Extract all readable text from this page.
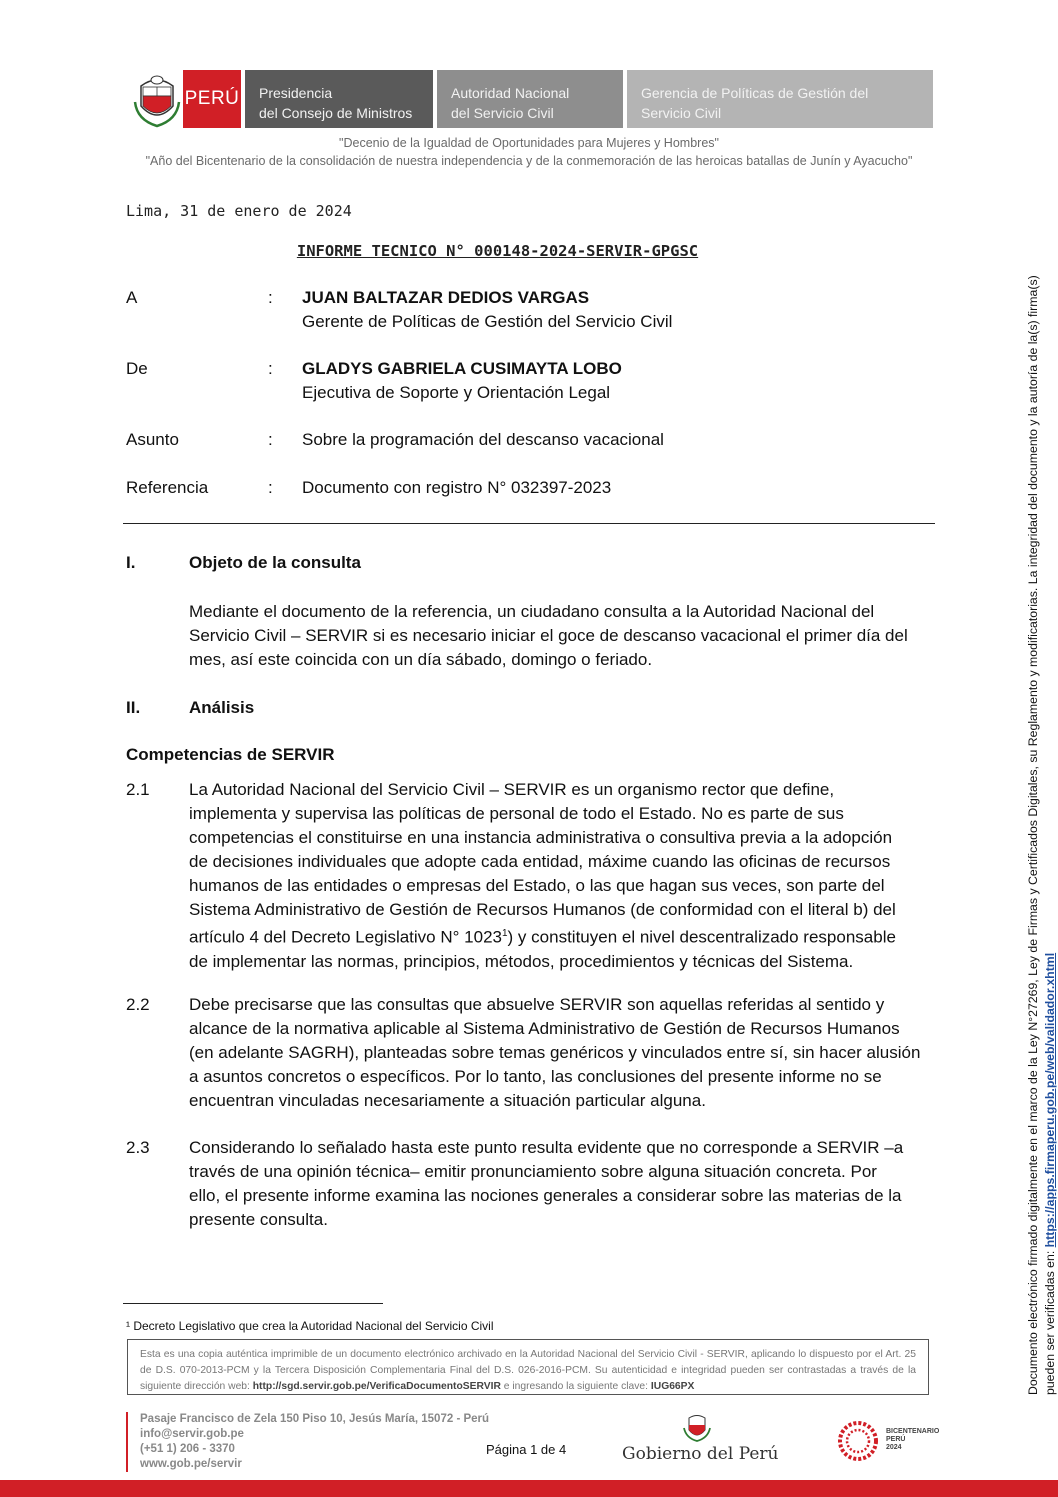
PERÚ Presidencia
del Consejo de Ministros
Autoridad Nacional
del Servicio Civil
Gerencia de Políticas de Gestión del
Servicio Civil
"Decenio de la Igualdad de Oportunidades para Mujeres y Hombres"
"Año del Bicentenario de la consolidación de nuestra independencia y de la conmemoración de las heroicas batallas de Junín y Ayacucho"
Lima, 31 de enero de 2024
INFORME TECNICO N° 000148-2024-SERVIR-GPGSC
A	: JUAN BALTAZAR DEDIOS VARGAS
Gerente de Políticas de Gestión del Servicio Civil
De	: GLADYS GABRIELA CUSIMAYTA LOBO
Ejecutiva de Soporte y Orientación Legal
Asunto	: Sobre la programación del descanso vacacional
Referencia	: Documento con registro N° 032397-2023
I.	Objeto de la consulta
Mediante el documento de la referencia, un ciudadano consulta a la Autoridad Nacional del
Servicio Civil – SERVIR si es necesario iniciar el goce de descanso vacacional el primer día del
mes, así este coincida con un día sábado, domingo o feriado.
II.	Análisis
Competencias de SERVIR
2.1 La Autoridad Nacional del Servicio Civil – SERVIR es un organismo rector que define,
implementa y supervisa las políticas de personal de todo el Estado. No es parte de sus
competencias el constituirse en una instancia administrativa o consultiva previa a la adopción
de decisiones individuales que adopte cada entidad, máxime cuando las oficinas de recursos
humanos de las entidades o empresas del Estado, o las que hagan sus veces, son parte del
Sistema Administrativo de Gestión de Recursos Humanos (de conformidad con el literal b) del
artículo 4 del Decreto Legislativo N° 1023$^1$) y constituyen el nivel descentralizado responsable
de implementar las normas, principios, métodos, procedimientos y técnicas del Sistema.
2.2 Debe precisarse que las consultas que absuelve SERVIR son aquellas referidas al sentido y
alcance de la normativa aplicable al Sistema Administrativo de Gestión de Recursos Humanos
(en adelante SAGRH), planteadas sobre temas genéricos y vinculados entre sí, sin hacer alusión
a asuntos concretos o específicos. Por lo tanto, las conclusiones del presente informe no se
encuentran vinculadas necesariamente a situación particular alguna.
2.3 Considerando lo señalado hasta este punto resulta evidente que no corresponde a SERVIR –a
través de una opinión técnica– emitir pronunciamiento sobre alguna situación concreta. Por
ello, el presente informe examina las nociones generales a considerar sobre las materias de la
presente consulta.
¹ Decreto Legislativo que crea la Autoridad Nacional del Servicio Civil
Esta es una copia auténtica imprimible de un documento electrónico archivado en la Autoridad Nacional del Servicio Civil - SERVIR, aplicando lo dispuesto por el Art. 25 de D.S. 070-2013-PCM y la Tercera Disposición Complementaria Final del D.S. 026-2016-PCM. Su autenticidad e integridad pueden ser contrastadas a través de la siguiente dirección web: http://sgd.servir.gob.pe/VerificaDocumentoSERVIR e ingresando la siguiente clave: IUG66PX
Pasaje Francisco de Zela 150 Piso 10, Jesús María, 15072 - Perú
info@servir.gob.pe
(+51 1) 206 - 3370
www.gob.pe/servir
Página 1 de 4	Gobierno del Perú
BICENTENARIO
PERÚ
2024
Documento electrónico firmado digitalmente en el marco de la Ley N°27269, Ley de Firmas y Certificados Digitales, su Reglamento y modificatorias. La integridad del documento y la autoría de la(s) firma(s) pueden ser verificadas en: https://apps.firmaperu.gob.pe/web/validador.xhtml
